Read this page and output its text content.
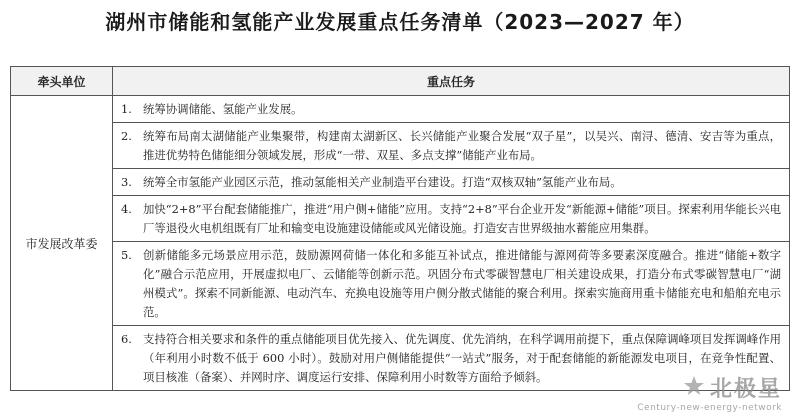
湖州市储能和氢能产业发展重点任务清单（2023—2027 年）
牵头单位	重点任务
市发展改革委	1. 统筹协调储能、氢能产业发展。

	2. 统筹布局南太湖储能产业集聚带，构建南太湖新区、长兴储能产业聚合发展“双子星”，以吴兴、南浔、德清、安吉等为重点，推进优势特色储能细分领域发展，形成“一带、双星、多点支撑”储能产业布局。

	3. 统筹全市氢能产业园区示范，推动氢能相关产业制造平台建设。打造“双核双轴”氢能产业布局。

	4. 加快“2+8”平台配套储能推广，推进“用户侧+储能”应用。支持“2+8”平台企业开发“新能源+储能”项目。探索利用华能长兴电厂等退役火电机组既有厂址和输变电设施建设储能或风光储设施。打造安吉世界级抽水蓄能应用集群。

	5. 创新储能多元场景应用示范，鼓励源网荷储一体化和多能互补试点，推进储能与源网荷等多要素深度融合。推进“储能+数字化”融合示范应用，开展虚拟电厂、云储能等创新示范。巩固分布式零碳智慧电厂相关建设成果，打造分布式零碳智慧电厂“湖州模式”。探索不同新能源、电动汽车、充换电设施等用户侧分散式储能的聚合利用。探索实施商用重卡储能充电和船舶充电示范。

	6. 支持符合相关要求和条件的重点储能项目优先接入、优先调度、优先消纳，在科学调用前提下，重点保障调峰项目发挥调峰作用（年利用小时数不低于 600 小时）。鼓励对用户侧储能提供“一站式”服务，对于配套储能的新能源发电项目，在竞争性配置、项目核准（备案）、并网时序、调度运行安排、保障利用小时数等方面给予倾斜。	北极星
Century-new-energy-network
